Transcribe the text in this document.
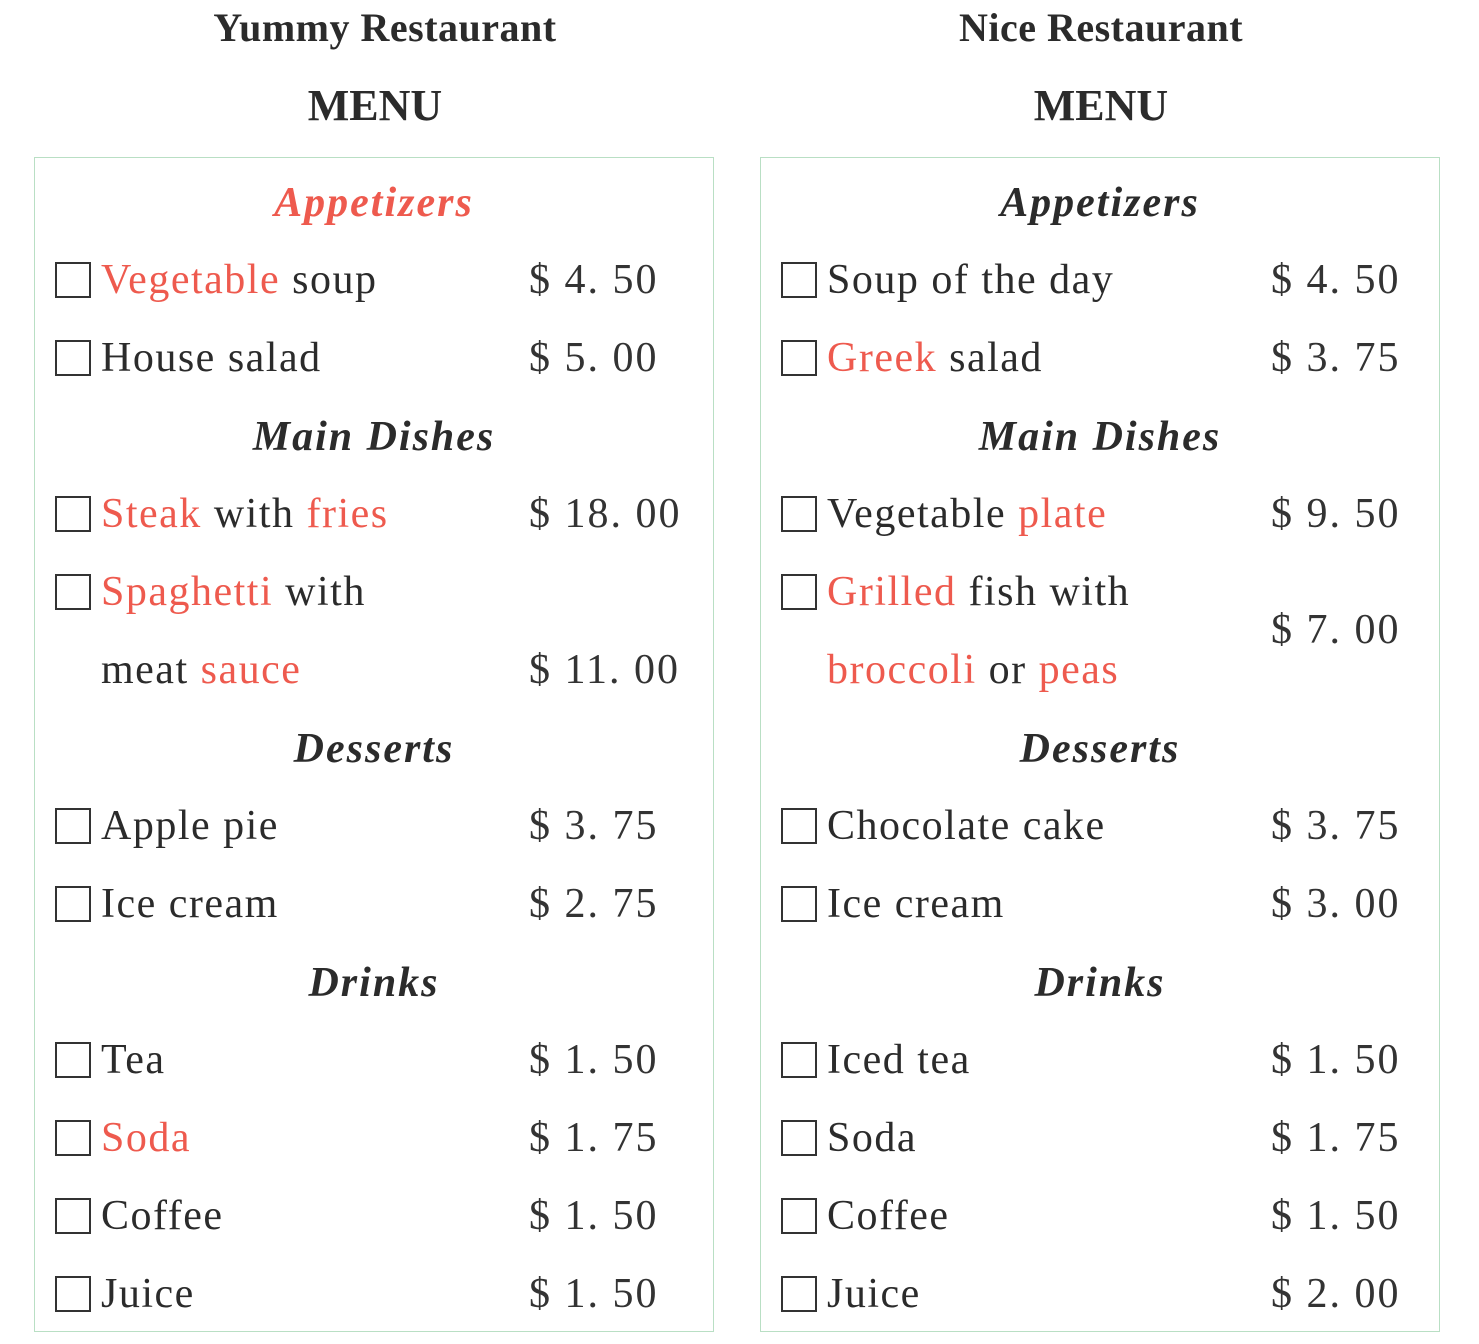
Yummy Restaurant
MENU
Appetizers
Vegetable soup	$ 4. 50
House salad	$ 5. 00
Main Dishes
Steak with fries	$ 18. 00
Spaghetti with
meat sauce	$ 11. 00
Desserts
Apple pie	$ 3. 75
Ice cream	$ 2. 75
Drinks
Tea	$ 1. 50
Soda	$ 1. 75
Coffee	$ 1. 50
Juice	$ 1. 50
Nice Restaurant
MENU
Appetizers
Soup of the day	$ 4. 50
Greek salad	$ 3. 75
Main Dishes
Vegetable plate	$ 9. 50
Grilled fish with
broccoli or peas
$ 7. 00
Desserts
Chocolate cake	$ 3. 75
Ice cream	$ 3. 00
Drinks
Iced tea	$ 1. 50
Soda	$ 1. 75
Coffee	$ 1. 50
Juice	$ 2. 00
